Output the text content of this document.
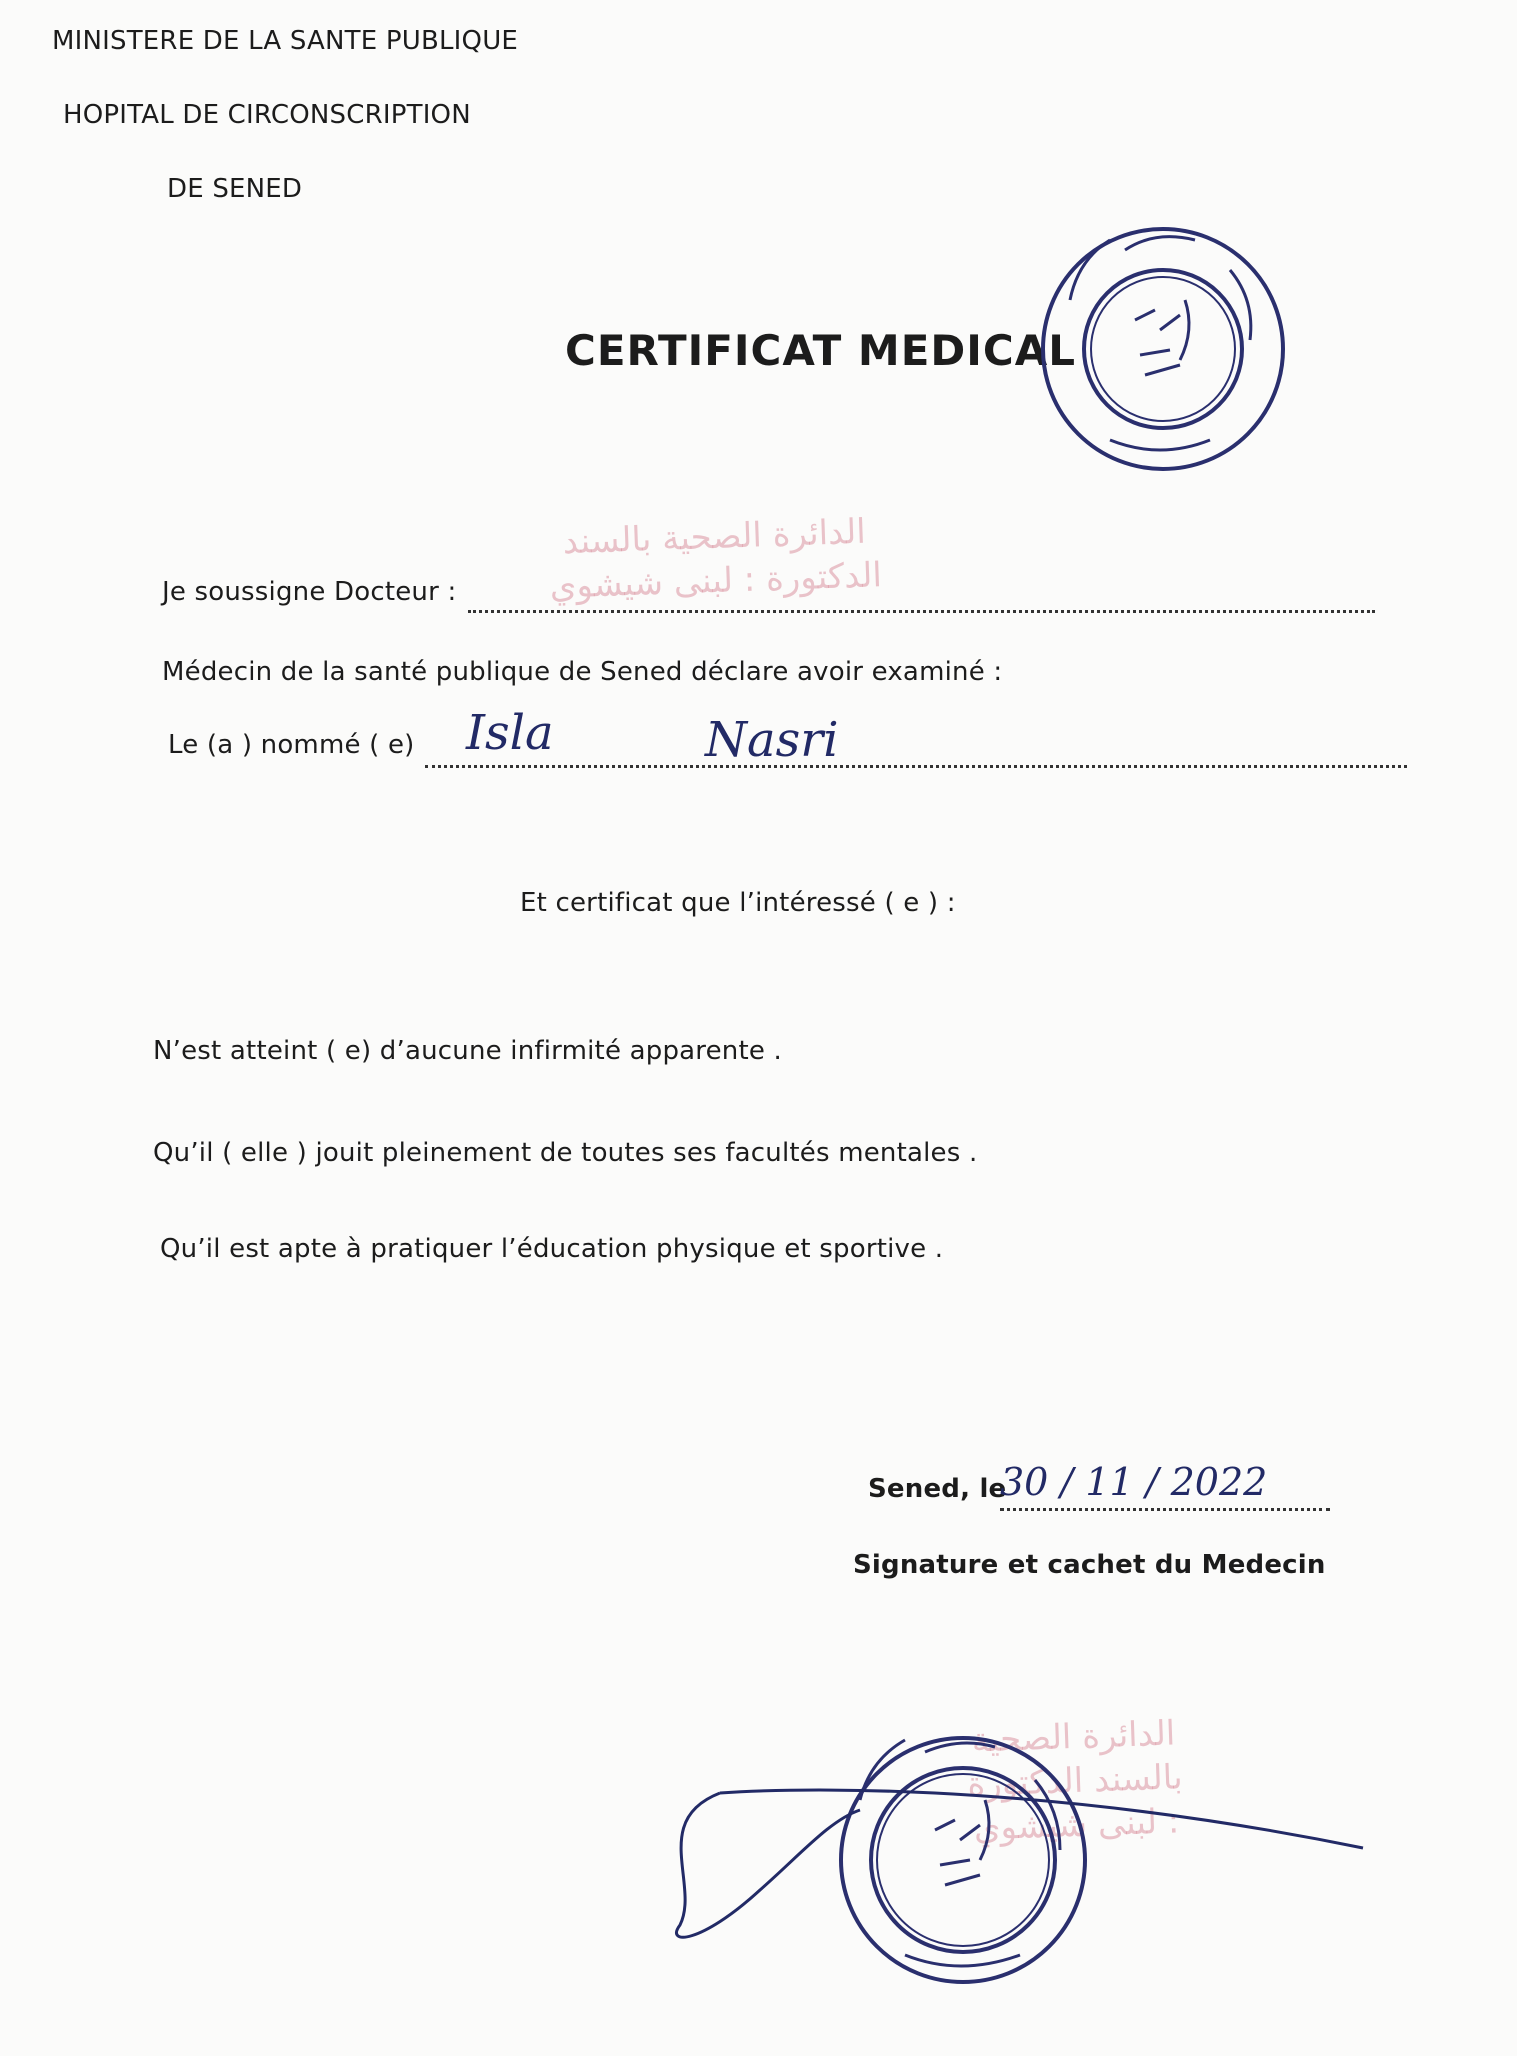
MINISTERE DE LA SANTE PUBLIQUE
HOPITAL DE CIRCONSCRIPTION
DE SENED
CERTIFICAT MEDICAL
الدائرة الصحية بالسند الدكتورة : لبنى شيشوي
Je soussigne Docteur :
Médecin de la santé publique de Sened déclare avoir examiné :
Le (a ) nommé ( e) Isla	Nasri
Et certificat que l’intéressé ( e ) :
N’est atteint ( e) d’aucune infirmité apparente .
Qu’il ( elle ) jouit pleinement de toutes ses facultés mentales .
Qu’il est apte à pratiquer l’éducation physique et sportive .
Sened, le
30 / 11 / 2022
Signature et cachet du Medecin
الدائرة الصحية بالسند الدكتورة : لبنى شيشوي
